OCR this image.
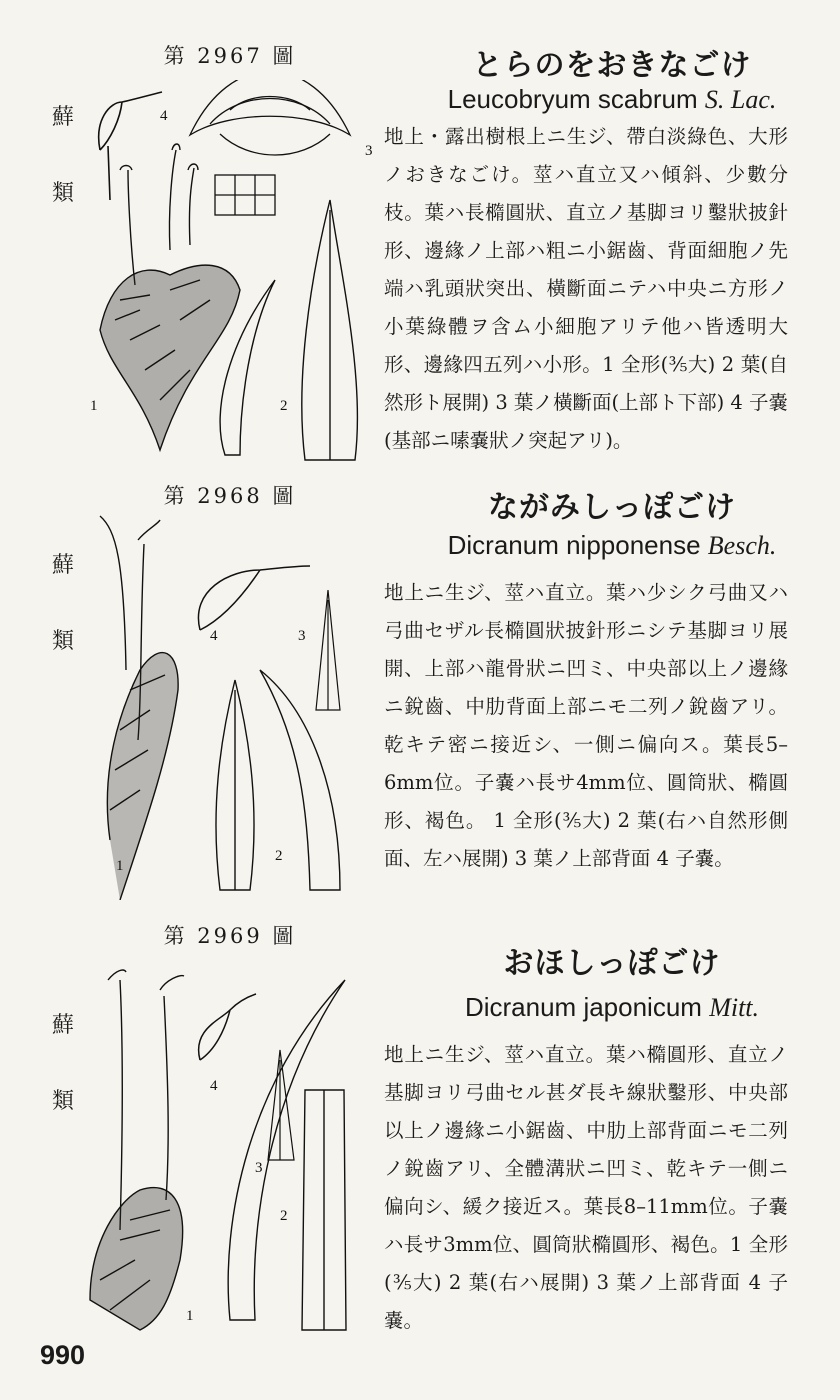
第 2967 圖
蘚
類
1	2
3
4
とらのをおきなごけ
Leucobryum scabrum S. Lac.
地上・露出樹根上ニ生ジ、帶白淡綠色、大形ノおきなごけ。莖ハ直立又ハ傾斜、少數分枝。葉ハ長橢圓狀、直立ノ基脚ヨリ鑿狀披針形、邊緣ノ上部ハ粗ニ小鋸齒、背面細胞ノ先端ハ乳頭狀突出、橫斷面ニテハ中央ニ方形ノ小葉綠體ヲ含ム小細胞アリテ他ハ皆透明大形、邊緣四五列ハ小形。1 全形(⅗大) 2 葉(自然形ト展開) 3 葉ノ橫斷面(上部ト下部) 4 子嚢(基部ニ嗉嚢狀ノ突起アリ)。
第 2968 圖
蘚
類
1
2
3
4
ながみしっぽごけ
Dicranum nipponense Besch.
地上ニ生ジ、莖ハ直立。葉ハ少シク弓曲又ハ弓曲セザル長橢圓狀披針形ニシテ基脚ヨリ展開、上部ハ龍骨狀ニ凹ミ、中央部以上ノ邊緣ニ銳齒、中肋背面上部ニモ二列ノ銳齒アリ。乾キテ密ニ接近シ、一側ニ偏向ス。葉長5–6mm位。子嚢ハ長サ4mm位、圓筒狀、橢圓形、褐色。 1 全形(⅗大) 2 葉(右ハ自然形側面、左ハ展開) 3 葉ノ上部背面 4 子嚢。
第 2969 圖
蘚
類
1
2
3
4
おほしっぽごけ
Dicranum japonicum Mitt.
地上ニ生ジ、莖ハ直立。葉ハ橢圓形、直立ノ基脚ヨリ弓曲セル甚ダ長キ線狀鑿形、中央部以上ノ邊緣ニ小鋸齒、中肋上部背面ニモ二列ノ銳齒アリ、全體溝狀ニ凹ミ、乾キテ一側ニ偏向シ、緩ク接近ス。葉長8–11mm位。子嚢ハ長サ3mm位、圓筒狀橢圓形、褐色。1 全形(⅗大) 2 葉(右ハ展開) 3 葉ノ上部背面 4 子嚢。
990
